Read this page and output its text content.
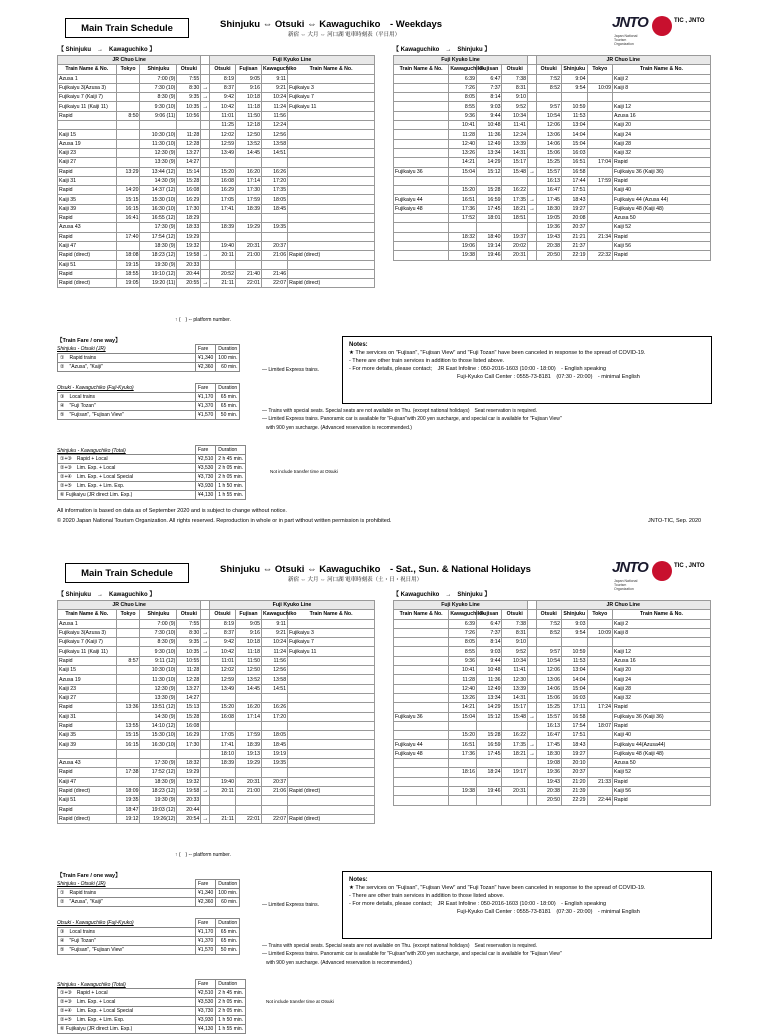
Main Train Schedule	Shinjuku ⇔ Otsuki ⇔ Kawaguchiko　- Weekdays
新宿 ⇔ 大月 ⇔ 河口湖 電車時刻表（平日用）
JNTO
Japan National Tourism Organization
TIC , JNTO
【 Shinjuku　→　Kawaguchiko 】	【 Kawaguchiko　→　Shinjuku 】
JR Chuo Line					Fuji Kyuko Line			
Train Name & No.	Tokyo	Shinjuku	Otsuki		Otsuki	Fujisan	Kawaguchiko	Train Name & No.
Azusa 1		7:00 (9)	7:55		8:19	9:05	9:11	
Fujikaiyu 3(Azusa 3)		7:30 (10)	8:30	→	8:37	9:16	9:21	Fujikaiyu 3
Fujikaiyu 7 (Kaiji 7)		8:30 (9)	9:35	→	9:42	10:18	10:24	Fujikaiyu 7
Fujikaiyu 11 (Kaiji 11)		9:30 (10)	10:35	→	10:42	11:18	11:24	Fujikaiyu 11
Rapid	8:50	9:06 (11)	10:56		11:01	11:50	11:56	
					11:25	12:18	12:24	
Kaiji 15		10:30 (10)	11:28		12:02	12:50	12:56	
Azusa 19		11:30 (10)	12:28		12:59	13:52	13:58	
Kaiji 23		12:30 (9)	13:27		13:49	14:45	14:51	
Kaiji 27		13:30 (9)	14:27					
Rapid	13:29	13:44 (12)	15:14		15:20	16:20	16:26	
Kaiji 31		14:30 (9)	15:28		16:08	17:14	17:20	
Rapid	14:20	14:37 (12)	16:08		16:29	17:30	17:35	
Kaiji 35	15:15	15:30 (10)	16:29		17:05	17:59	18:05	
Kaiji 39	16:15	16:30 (10)	17:30		17:41	18:39	18:45	
Rapid	16:41	16:55 (12)	18:29					
Azusa 43		17:30 (9)	18:33		18:39	19:29	19:35	
Rapid	17:40	17:54 (12)	19:29					
Kaiji 47		18:30 (9)	19:32		19:40	20:31	20:37	
Rapid (direct)	18:08	18:23 (12)	19:58	→	20:11	21:00	21:06	Rapid (direct)
Kaiji 51	19:15	19:30 (9)	20:33					
Rapid	18:55	19:10 (12)	20:44		20:52	21:40	21:46	
Rapid (direct)	19:05	19:20 (11)	20:55	→	21:11	22:01	22:07	Rapid (direct)
Fuji Kyuko Line					JR Chuo Line			
Train Name & No.	Kawaguchiko	Fujisan	Otsuki		Otsuki	Shinjuku	Tokyo	Train Name & No.
	6:39	6:47	7:38		7:52	9:04		Kaiji 2
	7:26	7:37	8:31		8:52	9:54	10:09	Kaiji 8
	8:05	8:14	9:10					
	8:55	9:03	9:52		9:57	10:59		Kaiji 12
	9:36	9:44	10:34		10:54	11:53		Azusa 16
	10:41	10:48	11:41		12:06	13:04		Kaiji 20
	11:28	11:36	12:24		13:06	14:04		Kaiji 24
	12:40	12:49	13:39		14:06	15:04		Kaiji 28
	13:26	13:34	14:31		15:06	16:03		Kaiji 32
	14:21	14:29	15:17		15:25	16:51	17:04	Rapid
Fujikaiyu 36	15:04	15:12	15:48	→	15:57	16:58		Fujikaiyu 36 (Kaiji 36)
					16:13	17:44	17:59	Rapid
	15:20	15:28	16:22		16:47	17:51		Kaiji 40
Fujikaiyu 44	16:51	16:59	17:35	→	17:45	18:43		Fujikaiyu 44 (Azusa 44)
Fujikaiyu 48	17:36	17:45	18:21	→	18:30	19:27		Fujikaiyu 48 (Kaiji 48)
	17:52	18:01	18:51		19:05	20:08		Azusa 50
					19:36	20:37		Kaiji 52
	18:32	18:40	19:37		19:43	21:21	21:34	Rapid
	19:06	19:14	20:02		20:38	21:37		Kaiji 56
	19:38	19:46	20:31		20:50	22:19	22:32	Rapid
↑ (　) -- platform number.
【Train Fare / one way】
Shinjuku - Otsuki (JR)
		Fare	Duration
①　Rapid trains	¥1,340	100 min.
②　"Azusa", "Kaiji"	¥2,360	60 min.	— Limited Express trains.
Otsuki - Kawaguchiko (Fuji-Kyuko)
		Fare	Duration
③　Local trains	¥1,170	65 min.
④　"Fuji Tozan"	¥1,370	65 min.
⑤　"Fujisan", "Fujisan View"	¥1,570	50 min.
— Trains with special seats. Special seats are not available on Thu. (except national holidays)　Seat reservation is required.
— Limited Express trains. Panoramic car is available for "Fujisan"with 200 yen surcharge, and special car is available for "Fujisan View"
with 900 yen surcharge. (Advanced reservation is recommended.)
Shinjuku - Kawaguchiko (Total)
		Fare	Duration
①+③　Rapid + Local	¥2,510	2 h 45 min.
②+③　Lim. Exp. + Local	¥3,530	2 h 05 min.
②+④　Lim. Exp. + Local Special	¥3,730	2 h 05 min.
②+⑤　Lim. Exp. + Lim. Exp.	¥3,930	1 h 50 min.
⑥ Fujikaiyu (JR direct Lim. Exp.)	¥4,130	1 h 55 min.
Not include transfer time at Otsuki
Notes:
★ The services on "Fujisan", "Fujisan View" and "Fuji Tozan" have been canceled in response to the spread of COVID-19.
- There are other train services in addition to those listed above.
- For more details, please contact;　JR East Infoline : 050-2016-1603 (10:00 - 18:00)　- English speaking
Fuji-Kyuko Call Center : 0555-73-8181　(07:30 - 20:00)　- minimal English
All information is based on data as of September 2020 and is subject to change without notice.
© 2020 Japan National Tourism Organization. All rights reserved. Reproduction in whole or in part without written permission is prohibited.	JNTO-TIC, Sep. 2020
Main Train Schedule	Shinjuku ⇔ Otsuki ⇔ Kawaguchiko　- Sat., Sun. & National Holidays
新宿 ⇔ 大月 ⇔ 河口湖 電車時刻表（土・日・祝日用）
JNTO
Japan National Tourism Organization
TIC , JNTO
【 Shinjuku　→　Kawaguchiko 】	【 Kawaguchiko　→　Shinjuku 】
JR Chuo Line					Fuji Kyuko Line			
Train Name & No.	Tokyo	Shinjuku	Otsuki		Otsuki	Fujisan	Kawaguchiko	Train Name & No.
Azusa 1		7:00 (9)	7:55		8:19	9:05	9:11	
Fujikaiyu 3(Azusa 3)		7:30 (10)	8:30	→	8:37	9:16	9:21	Fujikaiyu 3
Fujikaiyu 7 (Kaiji 7)		8:30 (9)	9:35	→	9:42	10:18	10:24	Fujikaiyu 7
Fujikaiyu 11 (Kaiji 11)		9:30 (10)	10:35	→	10:42	11:18	11:24	Fujikaiyu 11
Rapid	8:57	9:11 (12)	10:55		11:01	11:50	11:56	
Kaiji 15		10:30 (10)	11:28		12:02	12:50	12:56	
Azusa 19		11:30 (10)	12:28		12:59	13:52	13:58	
Kaiji 23		12:30 (9)	13:27		13:49	14:45	14:51	
Kaiji 27		13:30 (9)	14:27					
Rapid	13:36	13:51 (12)	15:13		15:20	16:20	16:26	
Kaiji 31		14:30 (9)	15:28		16:08	17:14	17:20	
Rapid	13:55	14:10 (12)	16:08					
Kaiji 35	15:15	15:30 (10)	16:29		17:05	17:59	18:05	
Kaiji 39	16:15	16:30 (10)	17:30		17:41	18:39	18:45	
					18:10	19:13	19:19	
Azusa 43		17:30 (9)	18:32		18:39	19:29	19:35	
Rapid	17:38	17:52 (12)	19:29					
Kaiji 47		18:30 (9)	19:32		19:40	20:31	20:37	
Rapid (direct)	18:09	18:23 (12)	19:58	→	20:11	21:00	21:06	Rapid (direct)
Kaiji 51	19:35	19:30 (9)	20:33					
Rapid	18:47	19:03 (12)	20:44					
Rapid (direct)	19:12	19:26(12)	20:54	→	21:11	22:01	22:07	Rapid (direct)
Fuji Kyuko Line					JR Chuo Line			
Train Name & No.	Kawaguchiko	Fujisan	Otsuki		Otsuki	Shinjuku	Tokyo	Train Name & No.
	6:39	6:47	7:38		7:52	9:03		Kaiji 2
	7:26	7:37	8:31		8:52	9:54	10:09	Kaiji 8
	8:05	8:14	9:10					
	8:55	9:03	9:52		9:57	10:59		Kaiji 12
	9:36	9:44	10:34		10:54	11:53		Azusa 16
	10:41	10:48	11:41		12:06	13:04		Kaiji 20
	11:28	11:36	12:30		13:06	14:04		Kaiji 24
	12:40	12:49	13:39		14:06	15:04		Kaiji 28
	13:26	13:34	14:31		15:06	16:03		Kaiji 32
	14:21	14:29	15:17		15:25	17:11	17:24	Rapid
Fujikaiyu 36	15:04	15:12	15:48	→	15:57	16:58		Fujikaiyu 36 (Kaiji 36)
					16:13	17:54	18:07	Rapid
	15:20	15:28	16:22		16:47	17:51		Kaiji 40
Fujikaiyu 44	16:51	16:59	17:35	→	17:45	18:43		Fujikaiyu 44(Azusa44)
Fujikaiyu 48	17:36	17:45	18:21	→	18:30	19:27		Fujikaiyu 48 (Kaiji 48)
					19:08	20:10		Azusa 50
	18:16	18:24	19:17		19:36	20:37		Kaiji 52
					19:43	21:20	21:33	Rapid
	19:38	19:46	20:31		20:38	21:39		Kaiji 56
					20:50	22:29	22:44	Rapid
↑ (　) -- platform number.
【Train Fare / one way】
Shinjuku - Otsuki (JR)
		Fare	Duration
①　Rapid trains	¥1,340	100 min.
②　"Azusa", "Kaiji"	¥2,360	60 min.	— Limited Express trains.
Otsuki - Kawaguchiko (Fuji-Kyuko)
		Fare	Duration
③　Local trains	¥1,170	65 min.
④　"Fuji Tozan"	¥1,370	65 min.
⑤　"Fujisan", "Fujisan View"	¥1,570	50 min.
— Trains with special seats. Special seats are not available on Thu. (except national holidays)　Seat reservation is required.
— Limited Express trains. Panoramic car is available for "Fujisan"with 200 yen surcharge, and special car is available for "Fujisan View"
with 900 yen surcharge. (Advanced reservation is recommended.)
Shinjuku - Kawaguchiko (Total)
		Fare	Duration
①+③　Rapid + Local	¥2,510	2 h 45 min.
②+③　Lim. Exp. + Local	¥3,530	2 h 05 min.
②+④　Lim. Exp. + Local Special	¥3,730	2 h 05 min.
②+⑤　Lim. Exp. + Lim. Exp.	¥3,930	1 h 50 min.
⑥ Fujikaiyu (JR direct Lim. Exp.)	¥4,130	1 h 55 min.
Not include transfer time at Otsuki
Notes:
★ The services on "Fujisan", "Fujisan View" and "Fuji Tozan" have been canceled in response to the spread of COVID-19.
- There are other train services in addition to those listed above.
- For more details, please contact;　JR East Infoline : 050-2016-1603 (10:00 - 18:00)　- English speaking
Fuji-Kyuko Call Center : 0555-73-8181　(07:30 - 20:00)　- minimal English
